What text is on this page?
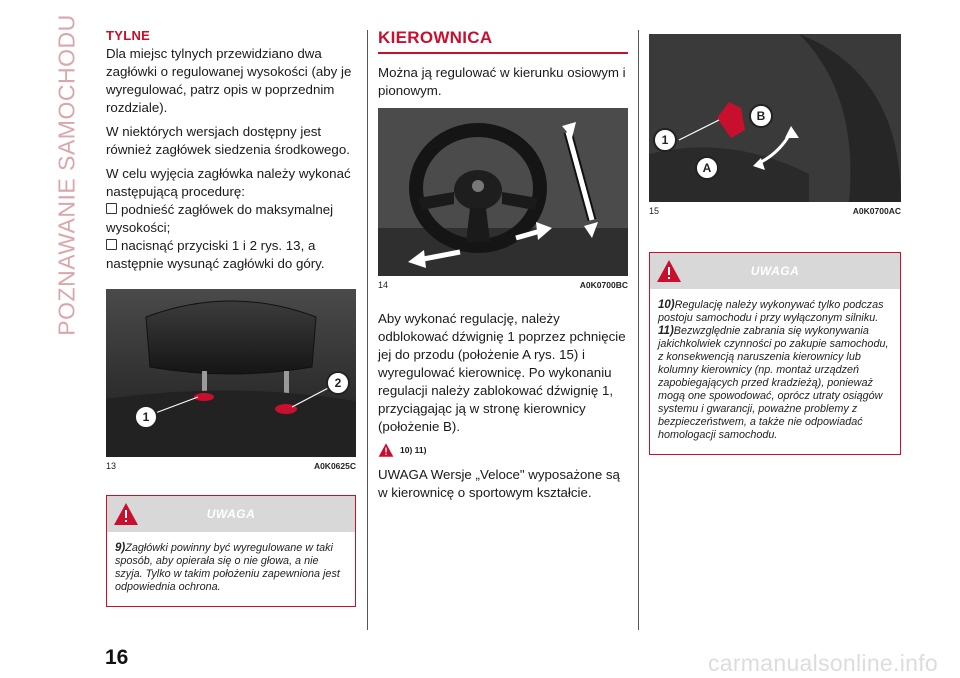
POZNAWANIE SAMOCHODU TYLNE

Dla miejsc tylnych przewidziano dwa zagłówki o regulowanej wysokości (aby je wyregulować, patrz opis w poprzednim rozdziale).

W niektórych wersjach dostępny jest również zagłówek siedzenia środkowego.

W celu wyjęcia zagłówka należy wykonać następującą procedurę:

podnieść zagłówek do maksymalnej wysokości;
nacisnąć przyciski 1 i 2 rys. 13, a następnie wysunąć zagłówki do góry.
1
2
13	A0K0625C
UWAGA
9)Zagłówki powinny być wyregulowane w taki sposób, aby opierała się o nie głowa, a nie szyja. Tylko w takim położeniu zapewniona jest odpowiednia ochrona.
KIEROWNICA

Można ją regulować w kierunku osiowym i pionowym.

14	A0K0700BC

Aby wykonać regulację, należy odblokować dźwignię 1 poprzez pchnięcie jej do przodu (położenie A rys. 15) i wyregulować kierownicę. Po wykonaniu regulacji należy zablokować dźwignię 1, przyciągając ją w stronę kierownicy (położenie B).

10) 11)

UWAGA Wersje „Veloce" wyposażone są w kierownicę o sportowym kształcie.

1
A
B
15	A0K0700AC
UWAGA
10)Regulację należy wykonywać tylko podczas postoju samochodu i przy wyłączonym silniku.
11)Bezwzględnie zabrania się wykonywania jakichkolwiek czynności po zakupie samochodu, z konsekwencją naruszenia kierownicy lub kolumny kierownicy (np. montaż urządzeń zapobiegających przed kradzieżą), ponieważ mogą one spowodować, oprócz utraty osiągów systemu i gwarancji, poważne problemy z bezpieczeństwem, a także nie odpowiadać homologacji samochodu.
16	carmanualsonline.info
